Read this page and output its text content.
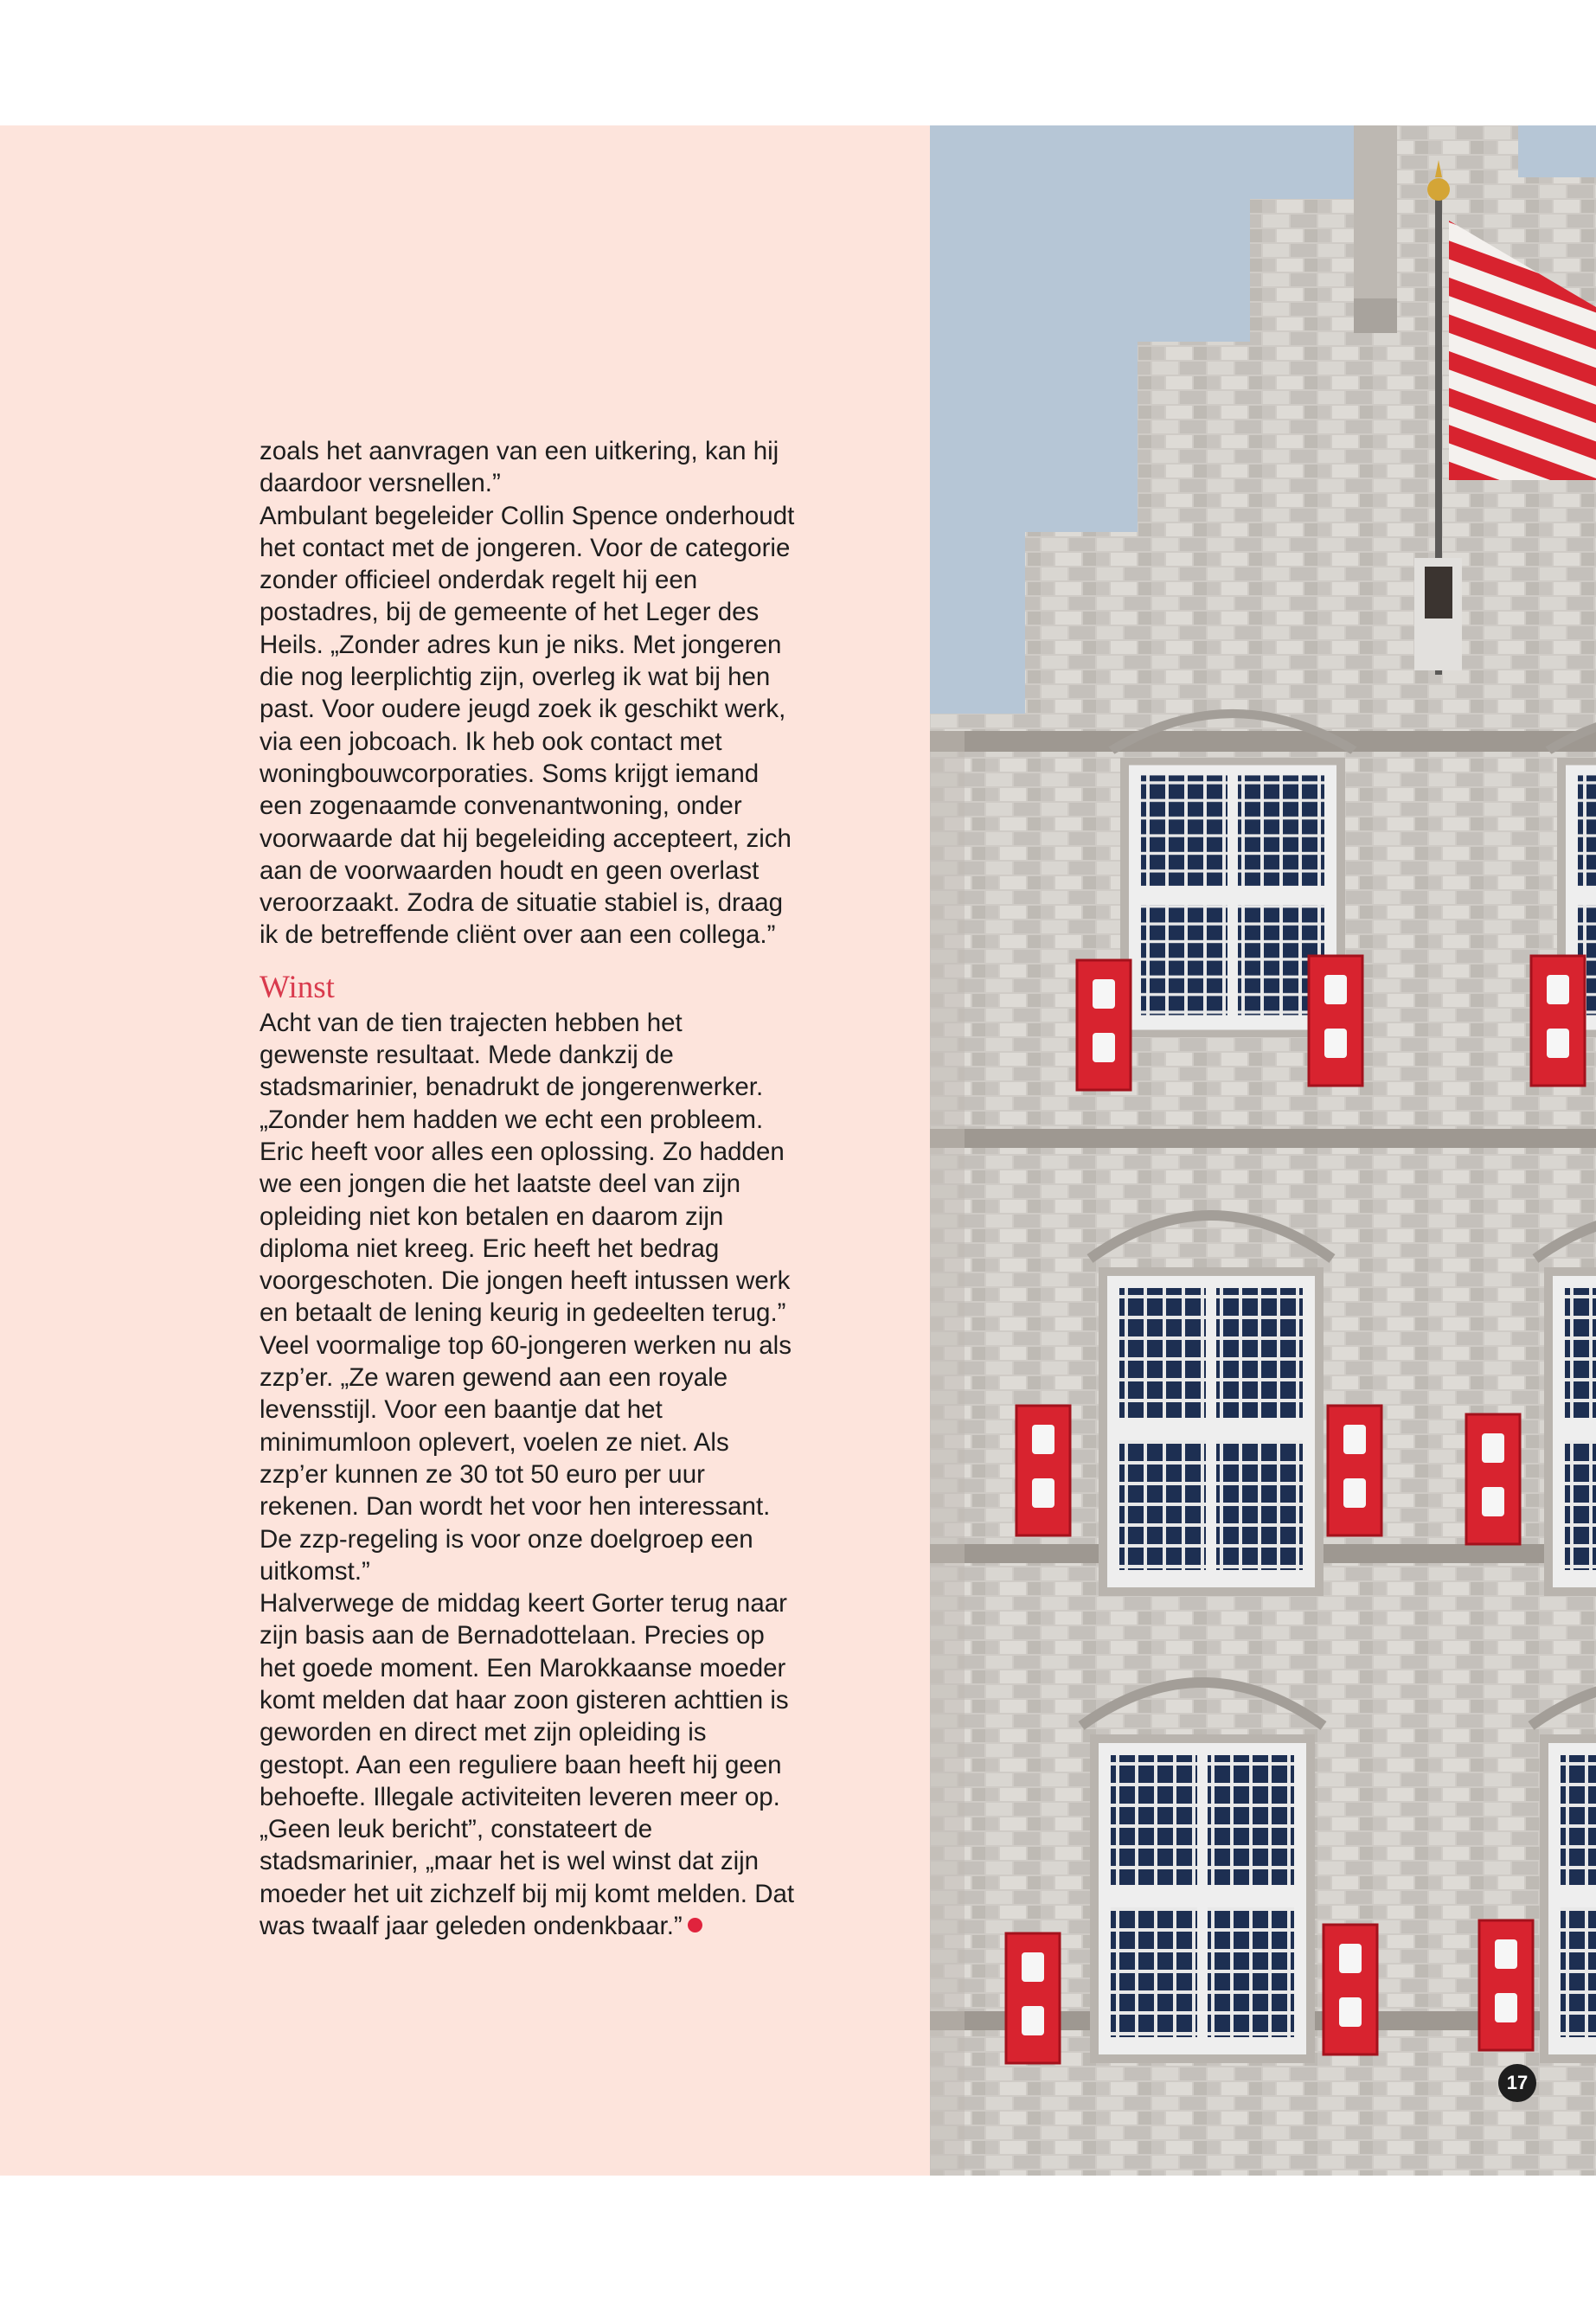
zoals het aanvragen van een uitkering, kan hij daardoor versnellen.”

Ambulant begeleider Collin Spence onderhoudt het contact met de jongeren. Voor de categorie zonder officieel onderdak regelt hij een postadres, bij de gemeente of het Leger des Heils. „Zonder adres kun je niks. Met jongeren die nog leerplichtig zijn, overleg ik wat bij hen past. Voor oudere jeugd zoek ik geschikt werk, via een jobcoach. Ik heb ook contact met woningbouwcorporaties. Soms krijgt iemand een zogenaamde convenantwoning, onder voorwaarde dat hij begeleiding accepteert, zich aan de voorwaarden houdt en geen overlast veroorzaakt. Zodra de situatie stabiel is, draag ik de betreffende cliënt over aan een collega.”

Winst

Acht van de tien trajecten hebben het gewenste resultaat. Mede dankzij de stadsmarinier, benadrukt de jongerenwerker. „Zonder hem hadden we echt een probleem. Eric heeft voor alles een oplossing. Zo hadden we een jongen die het laatste deel van zijn opleiding niet kon betalen en daarom zijn diploma niet kreeg. Eric heeft het bedrag voorgeschoten. Die jongen heeft intussen werk en betaalt de lening keurig in gedeelten terug.”

Veel voormalige top 60-jongeren werken nu als zzp’er. „Ze waren gewend aan een royale levensstijl. Voor een baantje dat het minimumloon oplevert, voelen ze niet. Als zzp’er kunnen ze 30 tot 50 euro per uur rekenen. Dan wordt het voor hen interessant. De zzp-regeling is voor onze doelgroep een uitkomst.”

Halverwege de middag keert Gorter terug naar zijn basis aan de Bernadottelaan. Precies op het goede moment. Een Marokkaanse moeder komt melden dat haar zoon gisteren achttien is geworden en direct met zijn opleiding is gestopt. Aan een reguliere baan heeft hij geen behoefte. Illegale activiteiten leveren meer op. „Geen leuk bericht”, constateert de stadsmarinier, „maar het is wel winst dat zijn moeder het uit zichzelf bij mij komt melden. Dat was twaalf jaar geleden ondenkbaar.”

17
